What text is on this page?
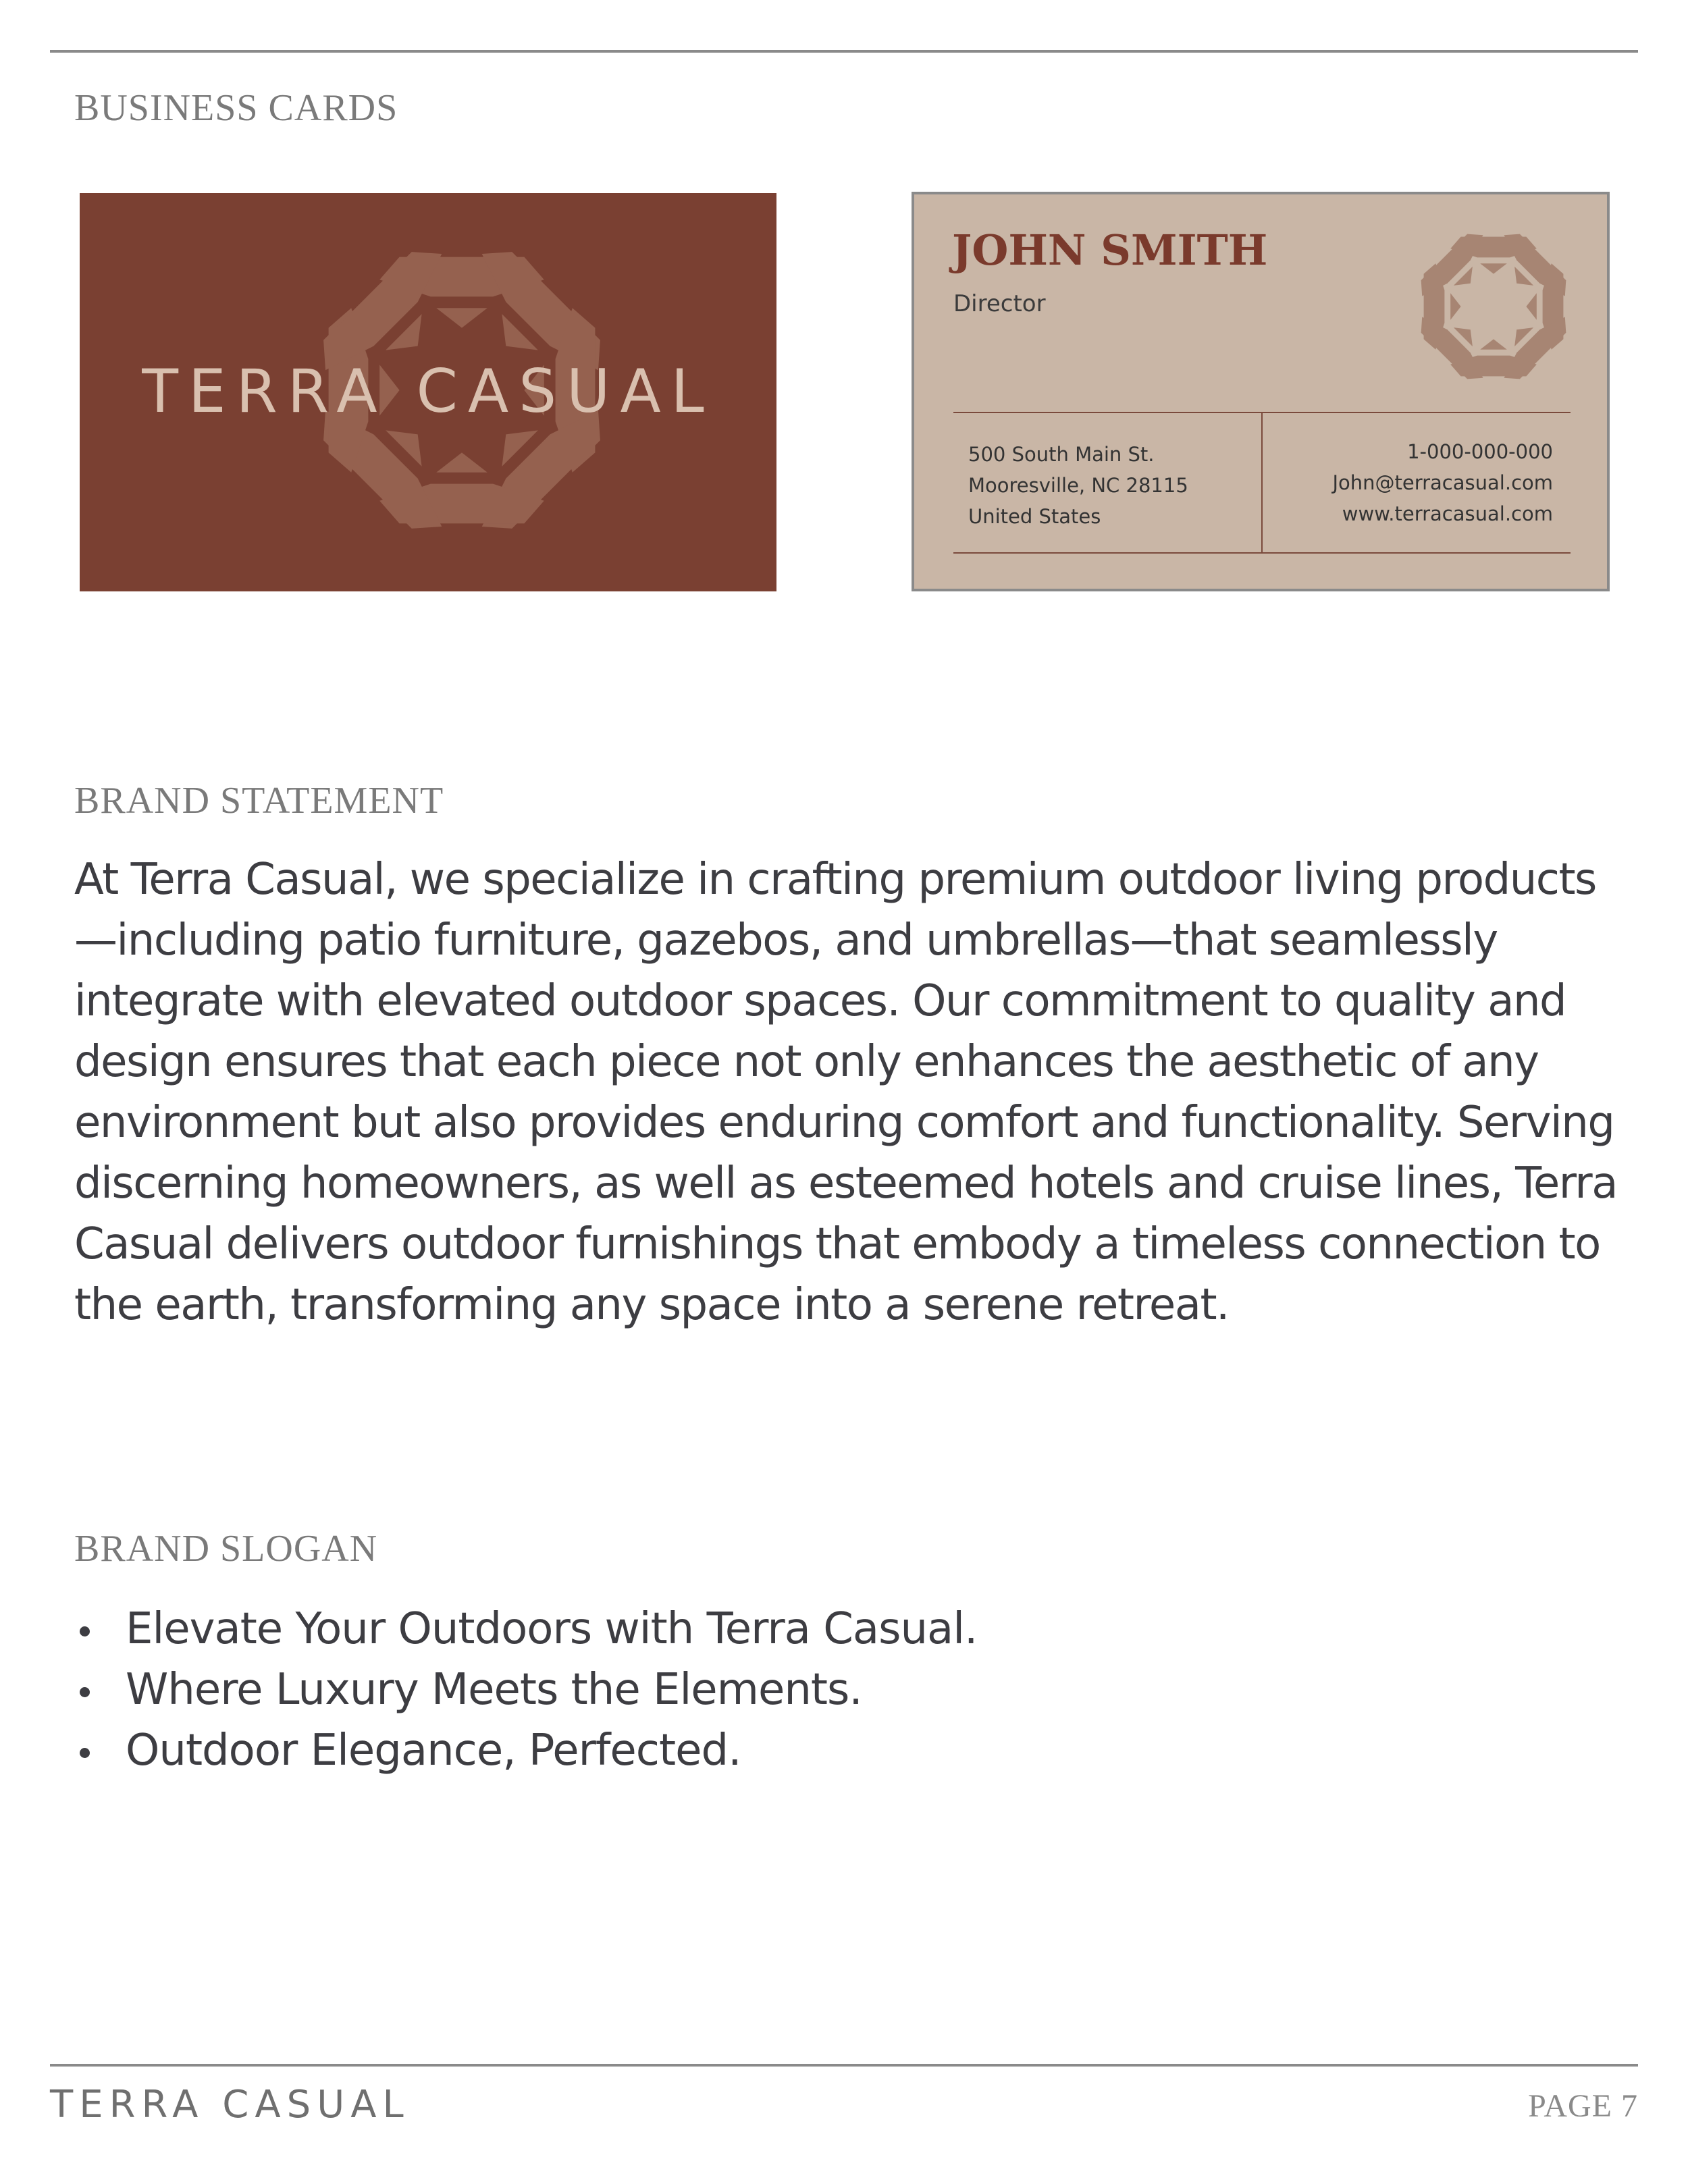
BUSINESS CARDS
TERRA CASUAL
JOHN SMITH
Director
500 South Main St.
Mooresville, NC 28115
United States
1-000-000-000
John@terracasual.com
www.terracasual.com
BRAND STATEMENT

At Terra Casual, we specialize in crafting premium outdoor living products—including patio furniture, gazebos, and umbrellas—that seamlessly integrate with elevated outdoor spaces. Our commitment to quality and design ensures that each piece not only enhances the aesthetic of any environment but also provides enduring comfort and functionality. Serving discerning homeowners, as well as esteemed hotels and cruise lines, Terra Casual delivers outdoor furnishings that embody a timeless connection to the earth, transforming any space into a serene retreat.

BRAND SLOGAN
Elevate Your Outdoors with Terra Casual.
Where Luxury Meets the Elements.
Outdoor Elegance, Perfected.
TERRA CASUAL	PAGE 7
